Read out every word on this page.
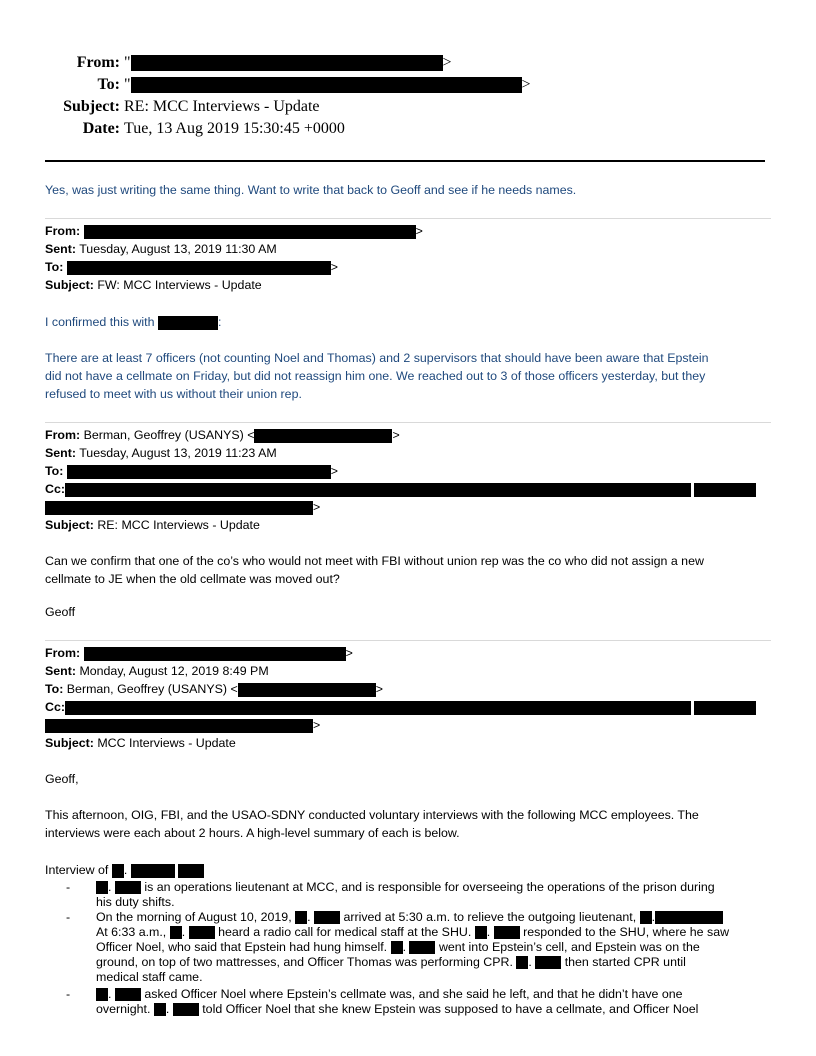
From: "	>
To: "	>
Subject: RE: MCC Interviews - Update
Date: Tue, 13 Aug 2019 15:30:45 +0000
Yes, was just writing the same thing. Want to write that back to Geoff and see if he needs names.
From:	>
Sent: Tuesday, August 13, 2019 11:30 AM
To:	>
Subject: FW: MCC Interviews - Update
I confirmed this with	:
There are at least 7 officers (not counting Noel and Thomas) and 2 supervisors that should have been aware that Epstein
did not have a cellmate on Friday, but did not reassign him one. We reached out to 3 of those officers yesterday, but they
refused to meet with us without their union rep.
From: Berman, Geoffrey (USANYS) <	>
Sent: Tuesday, August 13, 2019 11:23 AM
To:	>
Cc:
>
Subject: RE: MCC Interviews - Update
Can we confirm that one of the co’s who would not meet with FBI without union rep was the co who did not assign a new
cellmate to JE when the old cellmate was moved out?
Geoff
From:	>
Sent: Monday, August 12, 2019 8:49 PM
To: Berman, Geoffrey (USANYS) <	>
Cc:
>
Subject: MCC Interviews - Update
Geoff,
This afternoon, OIG, FBI, and the USAO-SDNY conducted voluntary interviews with the following MCC employees. The
interviews were each about 2 hours. A high-level summary of each is below.
Interview of .
-	.	is an operations lieutenant at MCC, and is responsible for overseeing the operations of the prison during
his duty shifts.
- On the morning of August 10, 2019, .	arrived at 5:30 a.m. to relieve the outgoing lieutenant, .
At 6:33 a.m., .	heard a radio call for medical staff at the SHU. .	responded to the SHU, where he saw
Officer Noel, who said that Epstein had hung himself. .	went into Epstein’s cell, and Epstein was on the
ground, on top of two mattresses, and Officer Thomas was performing CPR. .	then started CPR until
medical staff came.
-	.	asked Officer Noel where Epstein’s cellmate was, and she said he left, and that he didn’t have one
overnight. .	told Officer Noel that she knew Epstein was supposed to have a cellmate, and Officer Noel
